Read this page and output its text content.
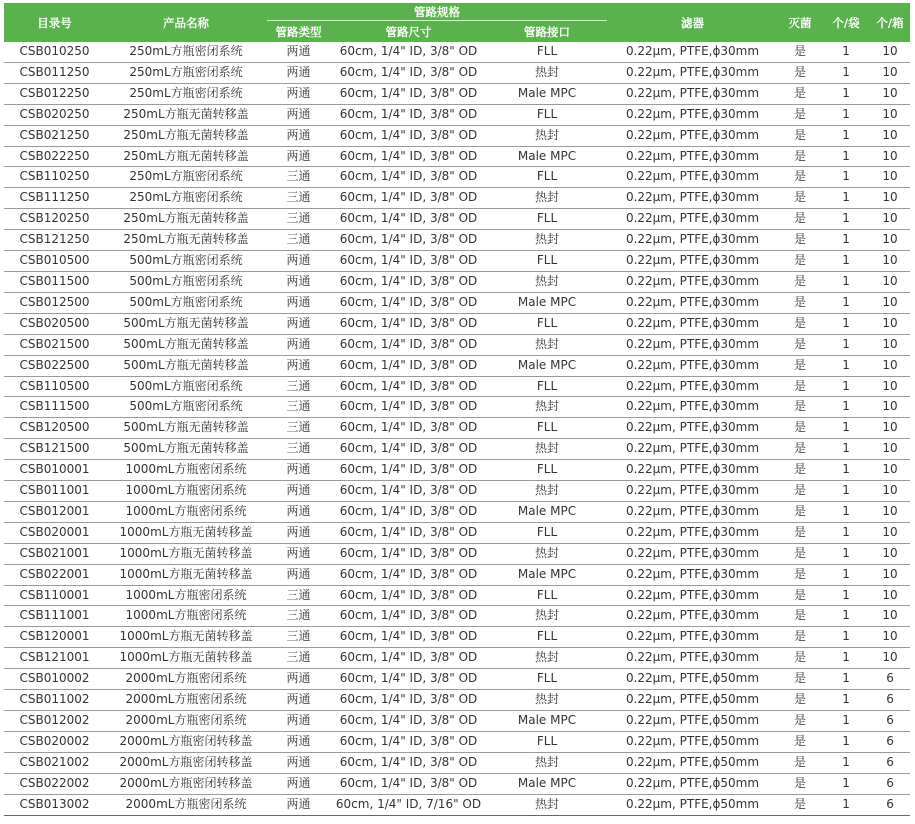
目录号	产品名称	管路规格			滤器	灭菌	个/袋	个/箱
		管路类型	管路尺寸	管路接口				
CSB010250	250mL方瓶密闭系统	两通	60cm, 1/4" ID, 3/8" OD	FLL	0.22µm, PTFE,ϕ30mm	是	1	10
CSB011250	250mL方瓶密闭系统	两通	60cm, 1/4" ID, 3/8" OD	热封	0.22µm, PTFE,ϕ30mm	是	1	10
CSB012250	250mL方瓶密闭系统	两通	60cm, 1/4" ID, 3/8" OD	Male MPC	0.22µm, PTFE,ϕ30mm	是	1	10
CSB020250	250mL方瓶无菌转移盖	两通	60cm, 1/4" ID, 3/8" OD	FLL	0.22µm, PTFE,ϕ30mm	是	1	10
CSB021250	250mL方瓶无菌转移盖	两通	60cm, 1/4" ID, 3/8" OD	热封	0.22µm, PTFE,ϕ30mm	是	1	10
CSB022250	250mL方瓶无菌转移盖	两通	60cm, 1/4" ID, 3/8" OD	Male MPC	0.22µm, PTFE,ϕ30mm	是	1	10
CSB110250	250mL方瓶密闭系统	三通	60cm, 1/4" ID, 3/8" OD	FLL	0.22µm, PTFE,ϕ30mm	是	1	10
CSB111250	250mL方瓶密闭系统	三通	60cm, 1/4" ID, 3/8" OD	热封	0.22µm, PTFE,ϕ30mm	是	1	10
CSB120250	250mL方瓶无菌转移盖	三通	60cm, 1/4" ID, 3/8" OD	FLL	0.22µm, PTFE,ϕ30mm	是	1	10
CSB121250	250mL方瓶无菌转移盖	三通	60cm, 1/4" ID, 3/8" OD	热封	0.22µm, PTFE,ϕ30mm	是	1	10
CSB010500	500mL方瓶密闭系统	两通	60cm, 1/4" ID, 3/8" OD	FLL	0.22µm, PTFE,ϕ30mm	是	1	10
CSB011500	500mL方瓶密闭系统	两通	60cm, 1/4" ID, 3/8" OD	热封	0.22µm, PTFE,ϕ30mm	是	1	10
CSB012500	500mL方瓶密闭系统	两通	60cm, 1/4" ID, 3/8" OD	Male MPC	0.22µm, PTFE,ϕ30mm	是	1	10
CSB020500	500mL方瓶无菌转移盖	两通	60cm, 1/4" ID, 3/8" OD	FLL	0.22µm, PTFE,ϕ30mm	是	1	10
CSB021500	500mL方瓶无菌转移盖	两通	60cm, 1/4" ID, 3/8" OD	热封	0.22µm, PTFE,ϕ30mm	是	1	10
CSB022500	500mL方瓶无菌转移盖	两通	60cm, 1/4" ID, 3/8" OD	Male MPC	0.22µm, PTFE,ϕ30mm	是	1	10
CSB110500	500mL方瓶密闭系统	三通	60cm, 1/4" ID, 3/8" OD	FLL	0.22µm, PTFE,ϕ30mm	是	1	10
CSB111500	500mL方瓶密闭系统	三通	60cm, 1/4" ID, 3/8" OD	热封	0.22µm, PTFE,ϕ30mm	是	1	10
CSB120500	500mL方瓶无菌转移盖	三通	60cm, 1/4" ID, 3/8" OD	FLL	0.22µm, PTFE,ϕ30mm	是	1	10
CSB121500	500mL方瓶无菌转移盖	三通	60cm, 1/4" ID, 3/8" OD	热封	0.22µm, PTFE,ϕ30mm	是	1	10
CSB010001	1000mL方瓶密闭系统	两通	60cm, 1/4" ID, 3/8" OD	FLL	0.22µm, PTFE,ϕ30mm	是	1	10
CSB011001	1000mL方瓶密闭系统	两通	60cm, 1/4" ID, 3/8" OD	热封	0.22µm, PTFE,ϕ30mm	是	1	10
CSB012001	1000mL方瓶密闭系统	两通	60cm, 1/4" ID, 3/8" OD	Male MPC	0.22µm, PTFE,ϕ30mm	是	1	10
CSB020001	1000mL方瓶无菌转移盖	两通	60cm, 1/4" ID, 3/8" OD	FLL	0.22µm, PTFE,ϕ30mm	是	1	10
CSB021001	1000mL方瓶无菌转移盖	两通	60cm, 1/4" ID, 3/8" OD	热封	0.22µm, PTFE,ϕ30mm	是	1	10
CSB022001	1000mL方瓶无菌转移盖	两通	60cm, 1/4" ID, 3/8" OD	Male MPC	0.22µm, PTFE,ϕ30mm	是	1	10
CSB110001	1000mL方瓶密闭系统	三通	60cm, 1/4" ID, 3/8" OD	FLL	0.22µm, PTFE,ϕ30mm	是	1	10
CSB111001	1000mL方瓶密闭系统	三通	60cm, 1/4" ID, 3/8" OD	热封	0.22µm, PTFE,ϕ30mm	是	1	10
CSB120001	1000mL方瓶无菌转移盖	三通	60cm, 1/4" ID, 3/8" OD	FLL	0.22µm, PTFE,ϕ30mm	是	1	10
CSB121001	1000mL方瓶无菌转移盖	三通	60cm, 1/4" ID, 3/8" OD	热封	0.22µm, PTFE,ϕ30mm	是	1	10
CSB010002	2000mL方瓶密闭系统	两通	60cm, 1/4" ID, 3/8" OD	FLL	0.22µm, PTFE,ϕ50mm	是	1	6
CSB011002	2000mL方瓶密闭系统	两通	60cm, 1/4" ID, 3/8" OD	热封	0.22µm, PTFE,ϕ50mm	是	1	6
CSB012002	2000mL方瓶密闭系统	两通	60cm, 1/4" ID, 3/8" OD	Male MPC	0.22µm, PTFE,ϕ50mm	是	1	6
CSB020002	2000mL方瓶密闭转移盖	两通	60cm, 1/4" ID, 3/8" OD	FLL	0.22µm, PTFE,ϕ50mm	是	1	6
CSB021002	2000mL方瓶密闭转移盖	两通	60cm, 1/4" ID, 3/8" OD	热封	0.22µm, PTFE,ϕ50mm	是	1	6
CSB022002	2000mL方瓶密闭转移盖	两通	60cm, 1/4" ID, 3/8" OD	Male MPC	0.22µm, PTFE,ϕ50mm	是	1	6
CSB013002	2000mL方瓶密闭系统	两通	60cm, 1/4" ID, 7/16" OD	热封	0.22µm, PTFE,ϕ50mm	是	1	6
